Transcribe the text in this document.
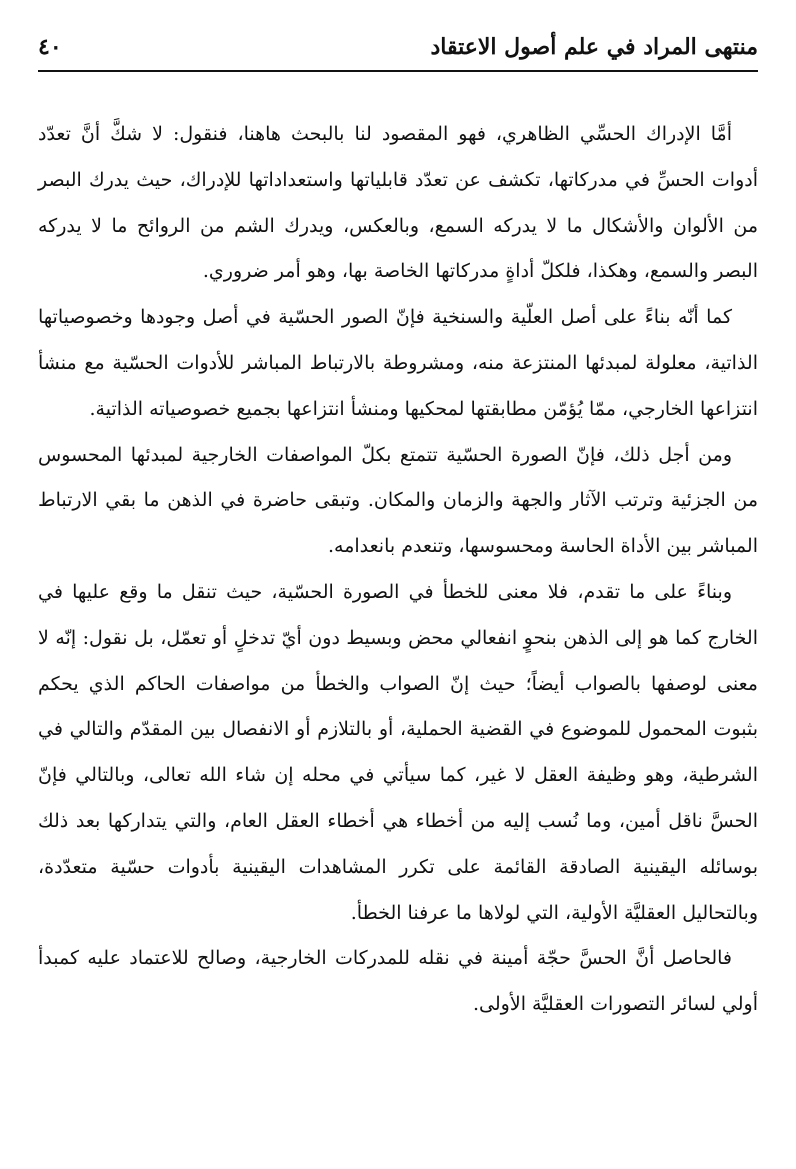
منتهى المراد في علم أصول الاعتقاد
٤٠

أمَّا الإدراك الحسِّي الظاهري، فهو المقصود لنا بالبحث هاهنا، فنقول: لا شكَّ أنَّ تعدّد أدوات الحسِّ في مدركاتها، تكشف عن تعدّد قابلياتها واستعداداتها للإدراك، حيث يدرك البصر من الألوان والأشكال ما لا يدركه السمع، وبالعكس، ويدرك الشم من الروائح ما لا يدركه البصر والسمع، وهكذا، فلكلّ أداةٍ مدركاتها الخاصة بها، وهو أمر ضروري.

كما أنّه بناءً على أصل العلّية والسنخية فإنّ الصور الحسّية في أصل وجودها وخصوصياتها الذاتية، معلولة لمبدئها المنتزعة منه، ومشروطة بالارتباط المباشر للأدوات الحسّية مع منشأ انتزاعها الخارجي، ممّا يُؤمّن مطابقتها لمحكيها ومنشأ انتزاعها بجميع خصوصياته الذاتية.

ومن أجل ذلك، فإنّ الصورة الحسّية تتمتع بكلّ المواصفات الخارجية لمبدئها المحسوس من الجزئية وترتب الآثار والجهة والزمان والمكان. وتبقى حاضرة في الذهن ما بقي الارتباط المباشر بين الأداة الحاسة ومحسوسها، وتنعدم بانعدامه.

وبناءً على ما تقدم، فلا معنى للخطأ في الصورة الحسّية، حيث تنقل ما وقع عليها في الخارج كما هو إلى الذهن بنحوٍ انفعالي محض وبسيط دون أيّ تدخلٍ أو تعمّل، بل نقول: إنّه لا معنى لوصفها بالصواب أيضاً؛ حيث إنّ الصواب والخطأ من مواصفات الحاكم الذي يحكم بثبوت المحمول للموضوع في القضية الحملية، أو بالتلازم أو الانفصال بين المقدّم والتالي في الشرطية، وهو وظيفة العقل لا غير، كما سيأتي في محله إن شاء الله تعالى، وبالتالي فإنّ الحسَّ ناقل أمين، وما نُسب إليه من أخطاء هي أخطاء العقل العام، والتي يتداركها بعد ذلك بوسائله اليقينية الصادقة القائمة على تكرر المشاهدات اليقينية بأدوات حسّية متعدّدة، وبالتحاليل العقليَّة الأولية، التي لولاها ما عرفنا الخطأ.

فالحاصل أنَّ الحسَّ حجّة أمينة في نقله للمدركات الخارجية، وصالح للاعتماد عليه كمبدأ أولي لسائر التصورات العقليَّة الأولى.
